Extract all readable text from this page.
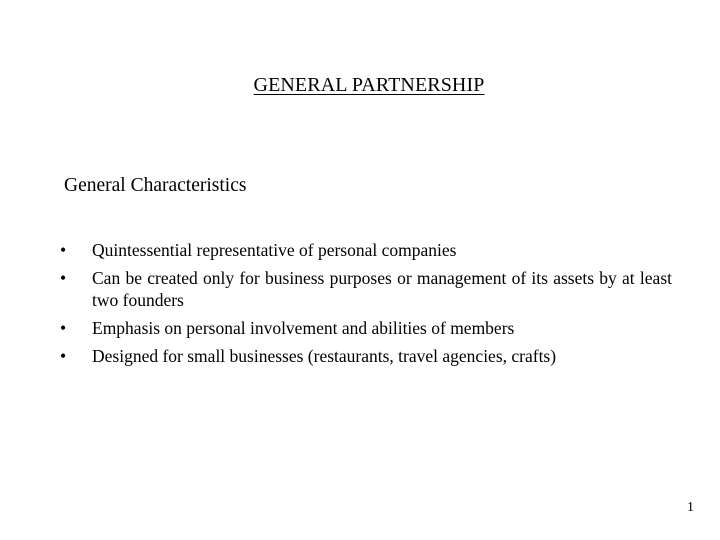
GENERAL PARTNERSHIP
General Characteristics
•	Quintessential representative of personal companies
•	Can be created only for business purposes or management of its assets by at least two founders
•	Emphasis on personal involvement and abilities of members
•	Designed for small businesses (restaurants, travel agencies, crafts)
1
